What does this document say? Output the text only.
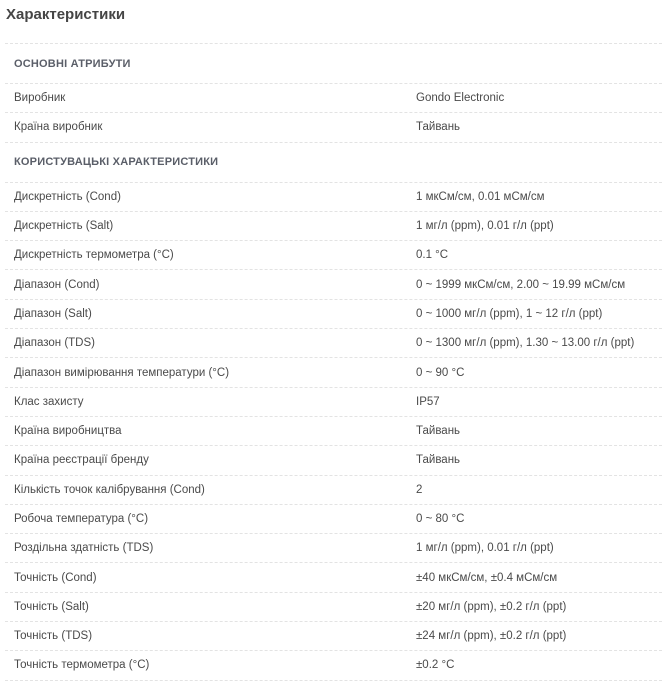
Характеристики
ОСНОВНІ АТРИБУТИ
Виробник	Gondo Electronic
Країна виробник	Тайвань
КОРИСТУВАЦЬКІ ХАРАКТЕРИСТИКИ
Дискретність (Cond)	1 мкСм/см, 0.01 мСм/см
Дискретність (Salt)	1 мг/л (ppm), 0.01 г/л (ppt)
Дискретність термометра (°C)	0.1 °C
Діапазон (Cond)	0 ~ 1999 мкСм/см, 2.00 ~ 19.99 мСм/см
Діапазон (Salt)	0 ~ 1000 мг/л (ppm), 1 ~ 12 г/л (ppt)
Діапазон (TDS)	0 ~ 1300 мг/л (ppm), 1.30 ~ 13.00 г/л (ppt)
Діапазон вимірювання температури (°C)	0 ~ 90 °C
Клас захисту	IP57
Країна виробництва	Тайвань
Країна реєстрації бренду	Тайвань
Кількість точок калібрування (Cond)	2
Робоча температура (°C)	0 ~ 80 °C
Роздільна здатність (TDS)	1 мг/л (ppm), 0.01 г/л (ppt)
Точність (Cond)	±40 мкСм/см, ±0.4 мСм/см
Точність (Salt)	±20 мг/л (ppm), ±0.2 г/л (ppt)
Точність (TDS)	±24 мг/л (ppm), ±0.2 г/л (ppt)
Точність термометра (°C)	±0.2 °C
